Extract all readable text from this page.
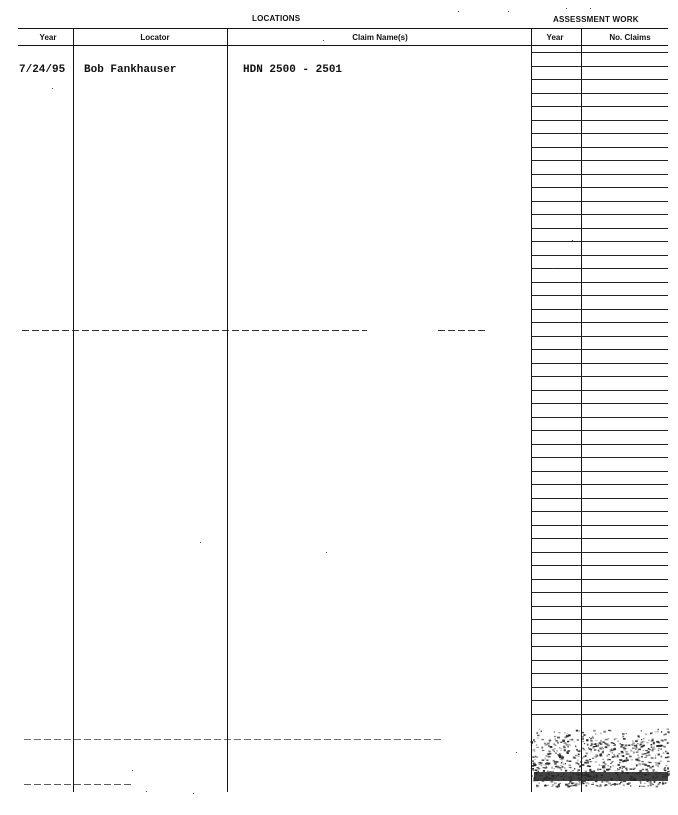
LOCATIONS	ASSESSMENT WORK
Year	Locator	Claim Name(s)	Year	No. Claims
7/24/95 Bob Fankhauser	HDN 2500 - 2501
